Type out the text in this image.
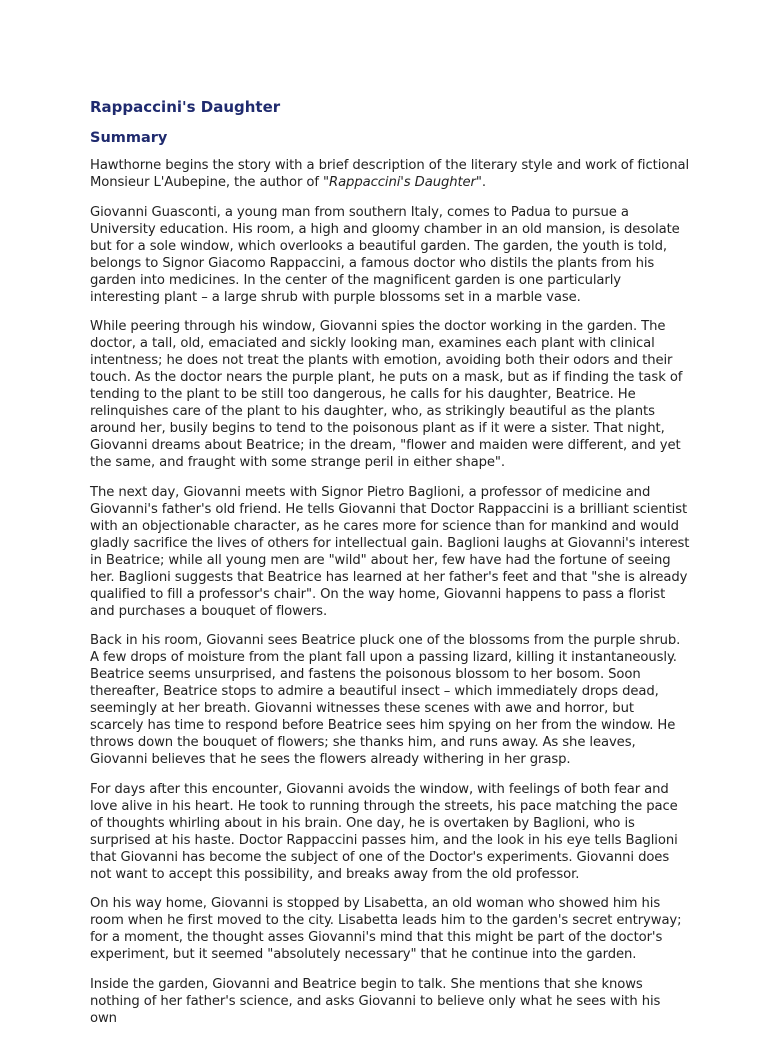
Rappaccini's Daughter
Summary

Hawthorne begins the story with a brief description of the literary style and work of fictional Monsieur L'Aubepine, the author of "Rappaccini's Daughter".

Giovanni Guasconti, a young man from southern Italy, comes to Padua to pursue a University education. His room, a high and gloomy chamber in an old mansion, is desolate but for a sole window, which overlooks a beautiful garden. The garden, the youth is told, belongs to Signor Giacomo Rappaccini, a famous doctor who distils the plants from his garden into medicines. In the center of the magnificent garden is one particularly interesting plant – a large shrub with purple blossoms set in a marble vase.

While peering through his window, Giovanni spies the doctor working in the garden. The doctor, a tall, old, emaciated and sickly looking man, examines each plant with clinical intentness; he does not treat the plants with emotion, avoiding both their odors and their touch. As the doctor nears the purple plant, he puts on a mask, but as if finding the task of tending to the plant to be still too dangerous, he calls for his daughter, Beatrice. He relinquishes care of the plant to his daughter, who, as strikingly beautiful as the plants around her, busily begins to tend to the poisonous plant as if it were a sister. That night, Giovanni dreams about Beatrice; in the dream, "flower and maiden were different, and yet the same, and fraught with some strange peril in either shape".

The next day, Giovanni meets with Signor Pietro Baglioni, a professor of medicine and Giovanni's father's old friend. He tells Giovanni that Doctor Rappaccini is a brilliant scientist with an objectionable character, as he cares more for science than for mankind and would gladly sacrifice the lives of others for intellectual gain. Baglioni laughs at Giovanni's interest in Beatrice; while all young men are "wild" about her, few have had the fortune of seeing her. Baglioni suggests that Beatrice has learned at her father's feet and that "she is already qualified to fill a professor's chair". On the way home, Giovanni happens to pass a florist and purchases a bouquet of flowers.

Back in his room, Giovanni sees Beatrice pluck one of the blossoms from the purple shrub. A few drops of moisture from the plant fall upon a passing lizard, killing it instantaneously. Beatrice seems unsurprised, and fastens the poisonous blossom to her bosom. Soon thereafter, Beatrice stops to admire a beautiful insect – which immediately drops dead, seemingly at her breath. Giovanni witnesses these scenes with awe and horror, but scarcely has time to respond before Beatrice sees him spying on her from the window. He throws down the bouquet of flowers; she thanks him, and runs away. As she leaves, Giovanni believes that he sees the flowers already withering in her grasp.

For days after this encounter, Giovanni avoids the window, with feelings of both fear and love alive in his heart. He took to running through the streets, his pace matching the pace of thoughts whirling about in his brain. One day, he is overtaken by Baglioni, who is surprised at his haste. Doctor Rappaccini passes him, and the look in his eye tells Baglioni that Giovanni has become the subject of one of the Doctor's experiments. Giovanni does not want to accept this possibility, and breaks away from the old professor.

On his way home, Giovanni is stopped by Lisabetta, an old woman who showed him his room when he first moved to the city. Lisabetta leads him to the garden's secret entryway; for a moment, the thought asses Giovanni's mind that this might be part of the doctor's experiment, but it seemed "absolutely necessary" that he continue into the garden.

Inside the garden, Giovanni and Beatrice begin to talk. She mentions that she knows nothing of her father's science, and asks Giovanni to believe only what he sees with his own
